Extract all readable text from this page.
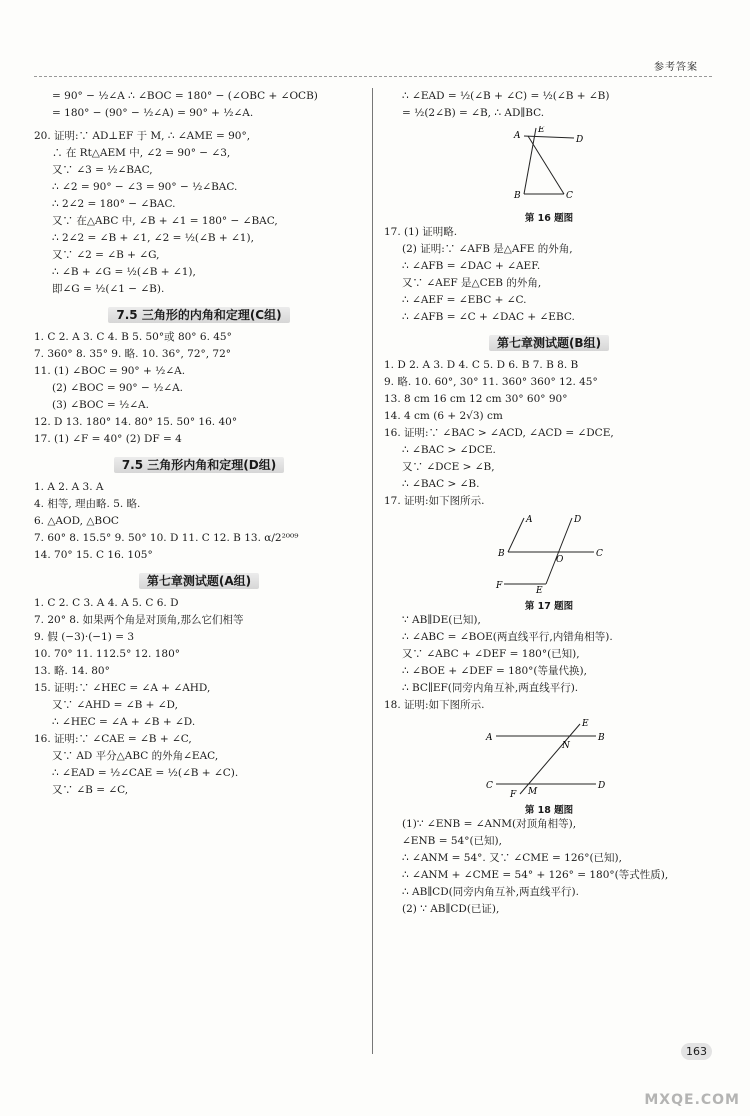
参考答案
= 90° − ½∠A ∴ ∠BOC = 180° − (∠OBC + ∠OCB)
= 180° − (90° − ½∠A) = 90° + ½∠A.
20. 证明:∵ AD⊥EF 于 M, ∴ ∠AME = 90°,
∴ 在 Rt△AEM 中, ∠2 = 90° − ∠3,
又∵ ∠3 = ½∠BAC,
∴ ∠2 = 90° − ∠3 = 90° − ½∠BAC.
∴ 2∠2 = 180° − ∠BAC.
又∵ 在△ABC 中, ∠B + ∠1 = 180° − ∠BAC,
∴ 2∠2 = ∠B + ∠1, ∠2 = ½(∠B + ∠1),
又∵ ∠2 = ∠B + ∠G,
∴ ∠B + ∠G = ½(∠B + ∠1),
即∠G = ½(∠1 − ∠B).
7.5 三角形的内角和定理(C组)
1. C 2. A 3. C 4. B 5. 50°或 80° 6. 45°
7. 360° 8. 35° 9. 略. 10. 36°, 72°, 72°
11. (1) ∠BOC = 90° + ½∠A.
(2) ∠BOC = 90° − ½∠A.
(3) ∠BOC = ½∠A.
12. D 13. 180° 14. 80° 15. 50° 16. 40°
17. (1) ∠F = 40° (2) DF = 4
7.5 三角形内角和定理(D组)
1. A 2. A 3. A
4. 相等, 理由略. 5. 略.
6. △AOD, △BOC
7. 60° 8. 15.5° 9. 50° 10. D 11. C 12. B 13. α/2²⁰⁰⁹
14. 70° 15. C 16. 105°
第七章测试题(A组)
1. C 2. C 3. A 4. A 5. C 6. D
7. 20° 8. 如果两个角是对顶角,那么它们相等
9. 假 (−3)·(−1) = 3
10. 70° 11. 112.5° 12. 180°
13. 略. 14. 80°
15. 证明:∵ ∠HEC = ∠A + ∠AHD,
又∵ ∠AHD = ∠B + ∠D,
∴ ∠HEC = ∠A + ∠B + ∠D.
16. 证明:∵ ∠CAE = ∠B + ∠C,
又∵ AD 平分△ABC 的外角∠EAC,
∴ ∠EAD = ½∠CAE = ½(∠B + ∠C).
又∵ ∠B = ∠C,
∴ ∠EAD = ½(∠B + ∠C) = ½(∠B + ∠B)
= ½(2∠B) = ∠B, ∴ AD∥BC.
E
A	D
B	C
第 16 题图
17. (1) 证明略.
(2) 证明:∵ ∠AFB 是△AFE 的外角,
∴ ∠AFB = ∠DAC + ∠AEF.
又∵ ∠AEF 是△CEB 的外角,
∴ ∠AEF = ∠EBC + ∠C.
∴ ∠AFB = ∠C + ∠DAC + ∠EBC.
第七章测试题(B组)
1. D 2. A 3. D 4. C 5. D 6. B 7. B 8. B
9. 略. 10. 60°, 30° 11. 360° 360° 12. 45°
13. 8 cm 16 cm 12 cm 30° 60° 90°
14. 4 cm (6 + 2√3) cm
16. 证明:∵ ∠BAC > ∠ACD, ∠ACD = ∠DCE,
∴ ∠BAC > ∠DCE.
又∵ ∠DCE > ∠B,
∴ ∠BAC > ∠B.
17. 证明:如下图所示.
A	D
B
O
C
F	E
第 17 题图
∵ AB∥DE(已知),
∴ ∠ABC = ∠BOE(两直线平行,内错角相等).
又∵ ∠ABC + ∠DEF = 180°(已知),
∴ ∠BOE + ∠DEF = 180°(等量代换),
∴ BC∥EF(同旁内角互补,两直线平行).
18. 证明:如下图所示.
A
E
N
B
C
M
D
F
第 18 题图
(1)∵ ∠ENB = ∠ANM(对顶角相等),
∠ENB = 54°(已知),
∴ ∠ANM = 54°. 又∵ ∠CME = 126°(已知),
∴ ∠ANM + ∠CME = 54° + 126° = 180°(等式性质),
∴ AB∥CD(同旁内角互补,两直线平行).
(2) ∵ AB∥CD(已证),
163
MXQE.COM
